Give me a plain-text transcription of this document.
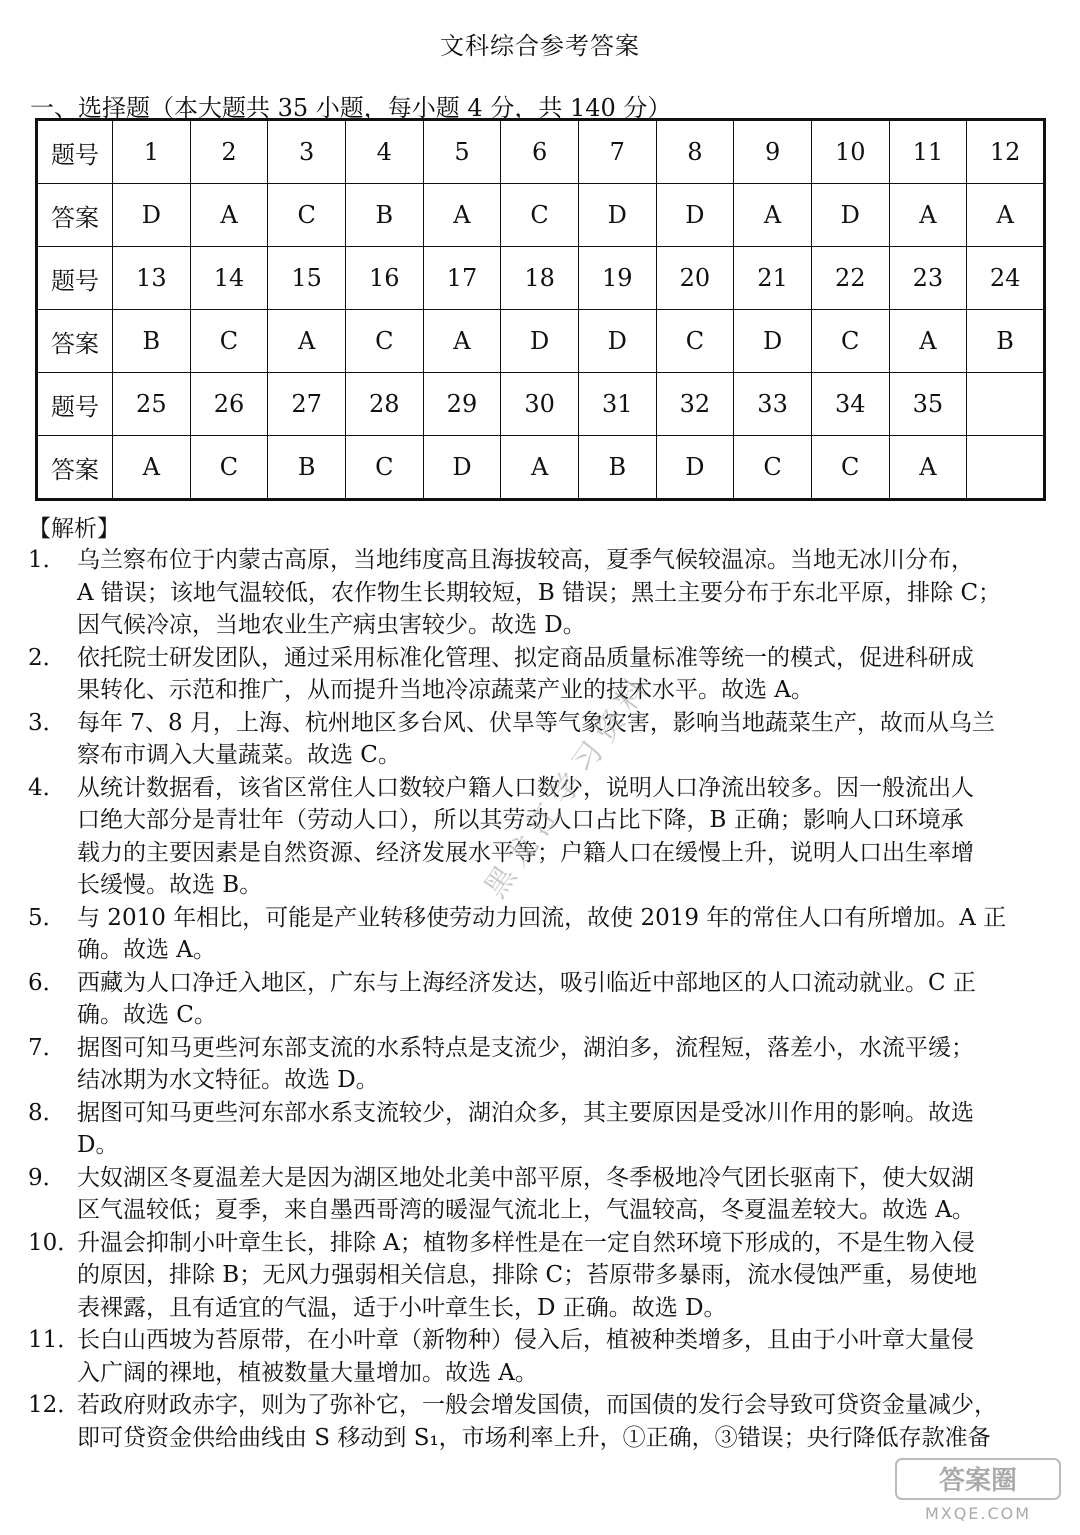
文科综合参考答案
一、选择题（本大题共 35 小题，每小题 4 分，共 140 分）
题号	1	2	3	4	5	6	7	8	9	10	11	12
答案	D	A	C	B	A	C	D	D	A	D	A	A
题号	13	14	15	16	17	18	19	20	21	22	23	24
答案	B	C	A	C	A	D	D	C	D	C	A	B
题号	25	26	27	28	29	30	31	32	33	34	35	
答案	A	C	B	C	D	A	B	D	C	C	A	
【解析】
1． 乌兰察布位于内蒙古高原，当地纬度高且海拔较高，夏季气候较温凉。当地无冰川分布，
A 错误；该地气温较低，农作物生长期较短，B 错误；黑土主要分布于东北平原，排除 C；
因气候冷凉，当地农业生产病虫害较少。故选 D。
2． 依托院士研发团队，通过采用标准化管理、拟定商品质量标准等统一的模式，促进科研成
果转化、示范和推广，从而提升当地冷凉蔬菜产业的技术水平。故选 A。
3． 每年 7、8 月，上海、杭州地区多台风、伏旱等气象灾害，影响当地蔬菜生产，故而从乌兰
察布市调入大量蔬菜。故选 C。
4． 从统计数据看，该省区常住人口数较户籍人口数少，说明人口净流出较多。因一般流出人
口绝大部分是青壮年（劳动人口），所以其劳动人口占比下降，B 正确；影响人口环境承
载力的主要因素是自然资源、经济发展水平等；户籍人口在缓慢上升，说明人口出生率增
长缓慢。故选 B。
5． 与 2010 年相比，可能是产业转移使劳动力回流，故使 2019 年的常住人口有所增加。A 正
确。故选 A。
6． 西藏为人口净迁入地区，广东与上海经济发达，吸引临近中部地区的人口流动就业。C 正
确。故选 C。
7． 据图可知马更些河东部支流的水系特点是支流少，湖泊多，流程短，落差小，水流平缓；
结冰期为水文特征。故选 D。
8． 据图可知马更些河东部水系支流较少，湖泊众多，其主要原因是受冰川作用的影响。故选
D。
9． 大奴湖区冬夏温差大是因为湖区地处北美中部平原，冬季极地冷气团长驱南下，使大奴湖
区气温较低；夏季，来自墨西哥湾的暖湿气流北上，气温较高，冬夏温差较大。故选 A。
10．
升温会抑制小叶章生长，排除 A；植物多样性是在一定自然环境下形成的，不是生物入侵
的原因，排除 B；无风力强弱相关信息，排除 C；苔原带多暴雨，流水侵蚀严重，易使地
表裸露，且有适宜的气温，适于小叶章生长，D 正确。故选 D。
11．
长白山西坡为苔原带，在小叶章（新物种）侵入后，植被种类增多，且由于小叶章大量侵
入广阔的裸地，植被数量大量增加。故选 A。
12．
若政府财政赤字，则为了弥补它，一般会增发国债，而国债的发行会导致可贷资金量减少，
即可贷资金供给曲线由 S 移动到 S₁，市场利率上升，①正确，③错误；央行降低存款准备
黑龙江学习资料
答案圈
MXQE.COM
